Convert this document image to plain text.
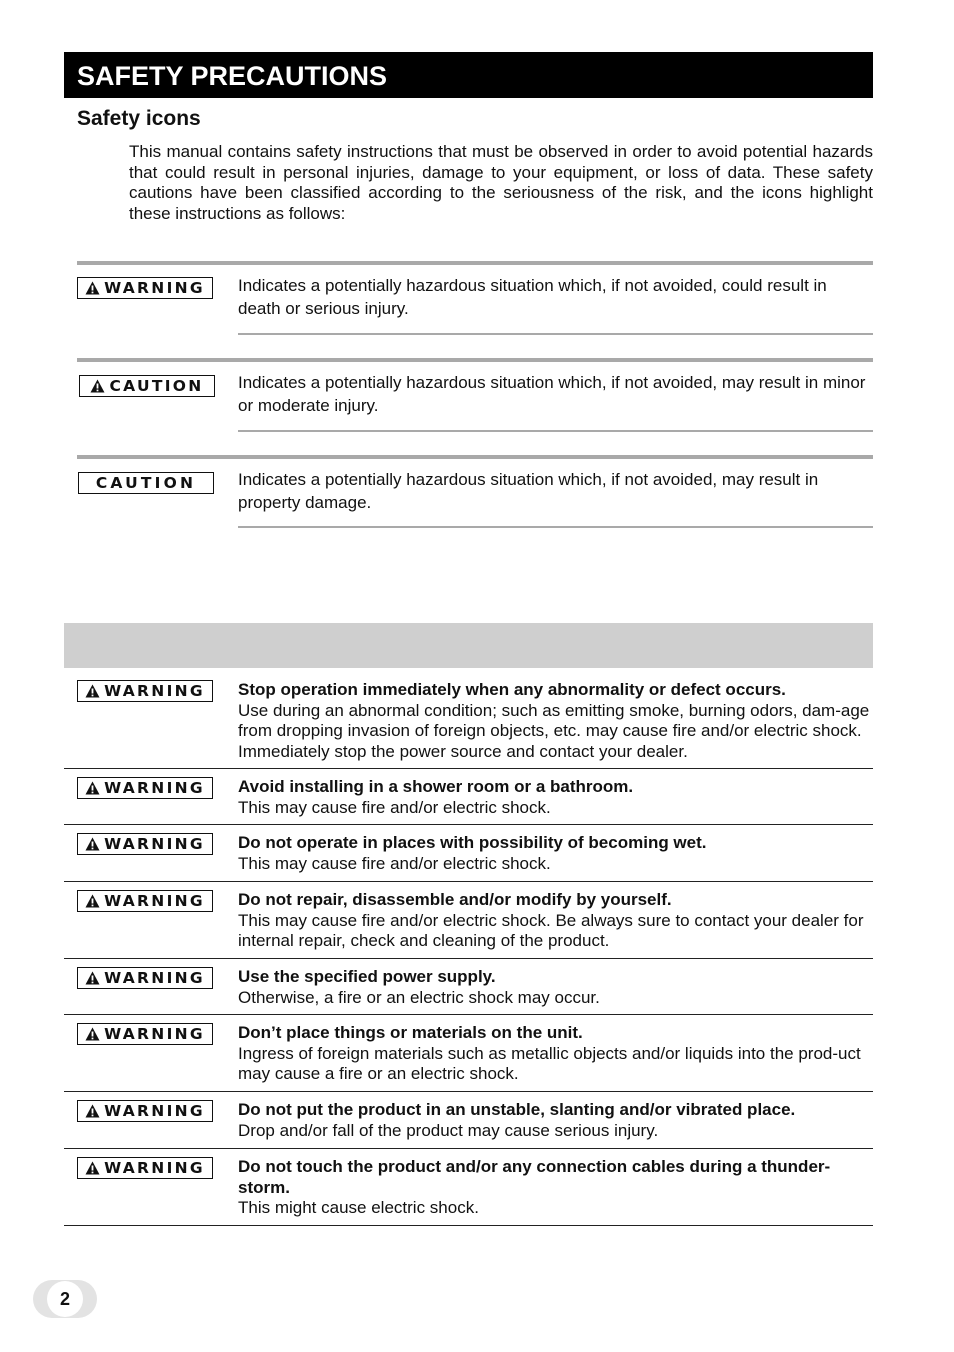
SAFETY PRECAUTIONS
Safety icons

This manual contains safety instructions that must be observed in order to avoid potential hazards that could result in personal injuries, damage to your equipment, or loss of data. These safety cautions have been classified according to the seriousness of the risk, and the icons highlight these instructions as follows:

WARNING Indicates a potentially hazardous situation which, if not avoided, could result in death or serious injury.

CAUTION Indicates a potentially hazardous situation which, if not avoided, may result in minor or moderate injury.

CAUTION Indicates a potentially hazardous situation which, if not avoided, may result in property damage.

WARNING Stop operation immediately when any abnormality or defect occurs.
Use during an abnormal condition; such as emitting smoke, burning odors, dam-age from dropping invasion of foreign objects, etc. may cause fire and/or electric shock. Immediately stop the power source and contact your dealer.

WARNING Avoid installing in a shower room or a bathroom.
This may cause fire and/or electric shock.

WARNING Do not operate in places with possibility of becoming wet.
This may cause fire and/or electric shock.

WARNING Do not repair, disassemble and/or modify by yourself.
This may cause fire and/or electric shock. Be always sure to contact your dealer for internal repair, check and cleaning of the product.

WARNING Use the specified power supply.
Otherwise, a fire or an electric shock may occur.

WARNING Don’t place things or materials on the unit.
Ingress of foreign materials such as metallic objects and/or liquids into the prod-uct may cause a fire or an electric shock.

WARNING Do not put the product in an unstable, slanting and/or vibrated place.
Drop and/or fall of the product may cause serious injury.

WARNING Do not touch the product and/or any connection cables during a thunder-storm.
This might cause electric shock.

2
